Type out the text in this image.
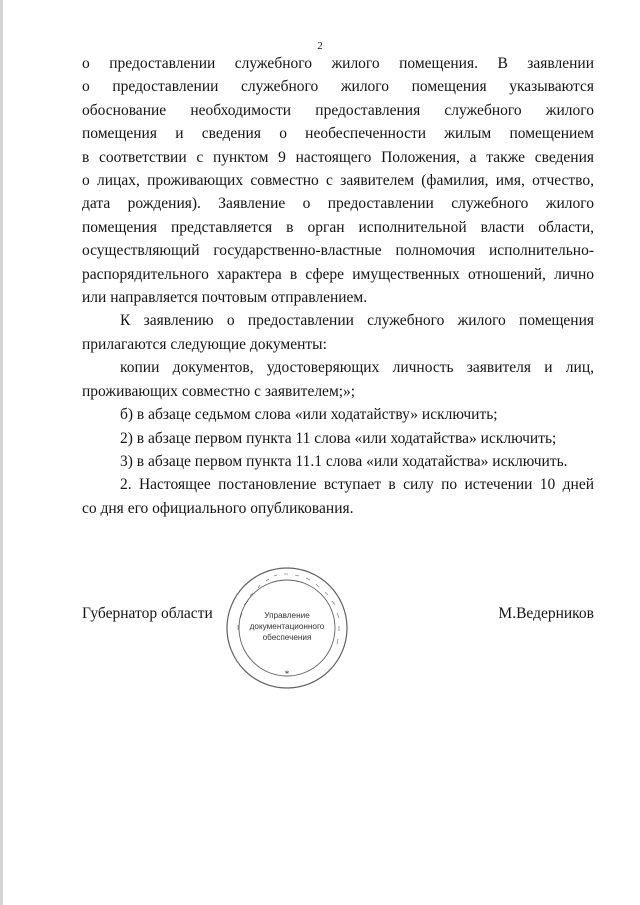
2

о предоставлении служебного жилого помещения. В заявлении
о предоставлении служебного жилого помещения указываются
обоснование необходимости предоставления служебного жилого
помещения и сведения о необеспеченности жилым помещением
в соответствии с пунктом 9 настоящего Положения, а также сведения
о лицах, проживающих совместно с заявителем (фамилия, имя, отчество,
дата рождения). Заявление о предоставлении служебного жилого
помещения представляется в орган исполнительной власти области,
осуществляющий государственно-властные полномочия исполнительно-
распорядительного характера в сфере имущественных отношений, лично

или направляется почтовым отправлением.

К заявлению о предоставлении служебного жилого помещения

прилагаются следующие документы:

копии документов, удостоверяющих личность заявителя и лиц,

проживающих совместно с заявителем;»;

б) в абзаце седьмом слова «или ходатайству» исключить;

2) в абзаце первом пункта 11 слова «или ходатайства» исключить;

3) в абзаце первом пункта 11.1 слова «или ходатайства» исключить.

2. Настоящее постановление вступает в силу по истечении 10 дней

со дня его официального опубликования.

Губернатор области	М.Ведерников
Управление
документационного
обеспечения
*
